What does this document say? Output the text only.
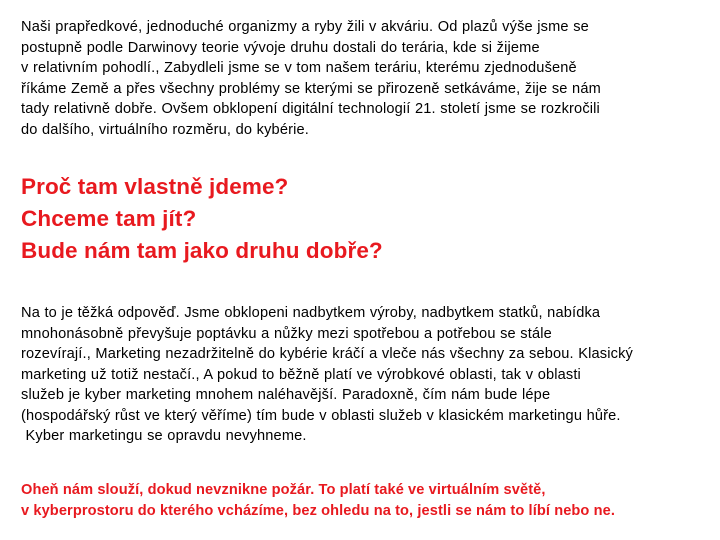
Naši prapředkové, jednoduché organizmy a ryby žili v akváriu. Od plazů výše jsme se
postupně podle Darwinovy teorie vývoje druhu dostali do terária, kde si žijeme
v relativním pohodlí., Zabydleli jsme se v tom našem teráriu, kterému zjednodušeně
říkáme Země a přes všechny problémy se kterými se přirozeně setkáváme, žije se nám
tady relativně dobře. Ovšem obklopení digitální technologií 21. století jsme se rozkročili
do dalšího, virtuálního rozměru, do kybérie.

Proč tam vlastně jdeme?
Chceme tam jít?
Bude nám tam jako druhu dobře?

Na to je těžká odpověď. Jsme obklopeni nadbytkem výroby, nadbytkem statků, nabídka
mnohonásobně převyšuje poptávku a nůžky mezi spotřebou a potřebou se stále
rozevírají., Marketing nezadržitelně do kybérie kráčí a vleče nás všechny za sebou. Klasický
marketing už totiž nestačí., A pokud to běžně platí ve výrobkové oblasti, tak v oblasti
služeb je kyber marketing mnohem naléhavější. Paradoxně, čím nám bude lépe
(hospodářský růst ve který věříme) tím bude v oblasti služeb v klasickém marketingu hůře.
Kyber marketingu se opravdu nevyhneme.

Oheň nám slouží, dokud nevznikne požár. To platí také ve virtuálním světě,
v kyberprostoru do kterého vcházíme, bez ohledu na to, jestli se nám to líbí nebo ne.
